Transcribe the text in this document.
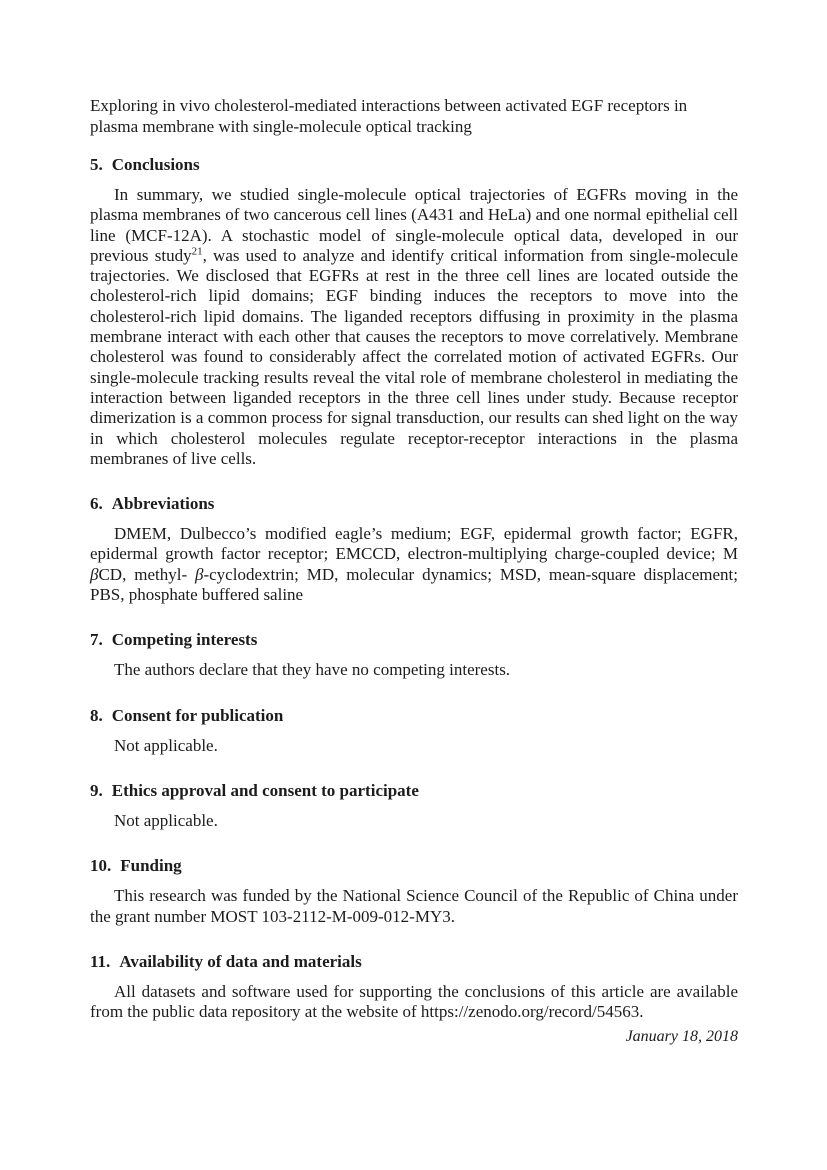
Exploring in vivo cholesterol-mediated interactions between activated EGF receptors in plasma membrane with single-molecule optical tracking

5. Conclusions

In summary, we studied single-molecule optical trajectories of EGFRs moving in the plasma membranes of two cancerous cell lines (A431 and HeLa) and one normal epithelial cell line (MCF-12A). A stochastic model of single-molecule optical data, developed in our previous study$^{21}$, was used to analyze and identify critical information from single-molecule trajectories. We disclosed that EGFRs at rest in the three cell lines are located outside the cholesterol-rich lipid domains; EGF binding induces the receptors to move into the cholesterol-rich lipid domains. The liganded receptors diffusing in proximity in the plasma membrane interact with each other that causes the receptors to move correlatively. Membrane cholesterol was found to considerably affect the correlated motion of activated EGFRs. Our single-molecule tracking results reveal the vital role of membrane cholesterol in mediating the interaction between liganded receptors in the three cell lines under study. Because receptor dimerization is a common process for signal transduction, our results can shed light on the way in which cholesterol molecules regulate receptor-receptor interactions in the plasma membranes of live cells.

6. Abbreviations

DMEM, Dulbecco’s modified eagle’s medium; EGF, epidermal growth factor; EGFR, epidermal growth factor receptor; EMCCD, electron-multiplying charge-coupled device; M βCD, methyl- β-cyclodextrin; MD, molecular dynamics; MSD, mean-square displacement; PBS, phosphate buffered saline

7. Competing interests

The authors declare that they have no competing interests.

8. Consent for publication

Not applicable.

9. Ethics approval and consent to participate

Not applicable.

10. Funding

This research was funded by the National Science Council of the Republic of China under the grant number MOST 103-2112-M-009-012-MY3.

11. Availability of data and materials

All datasets and software used for supporting the conclusions of this article are available from the public data repository at the website of https://zenodo.org/record/54563.

January 18, 2018
